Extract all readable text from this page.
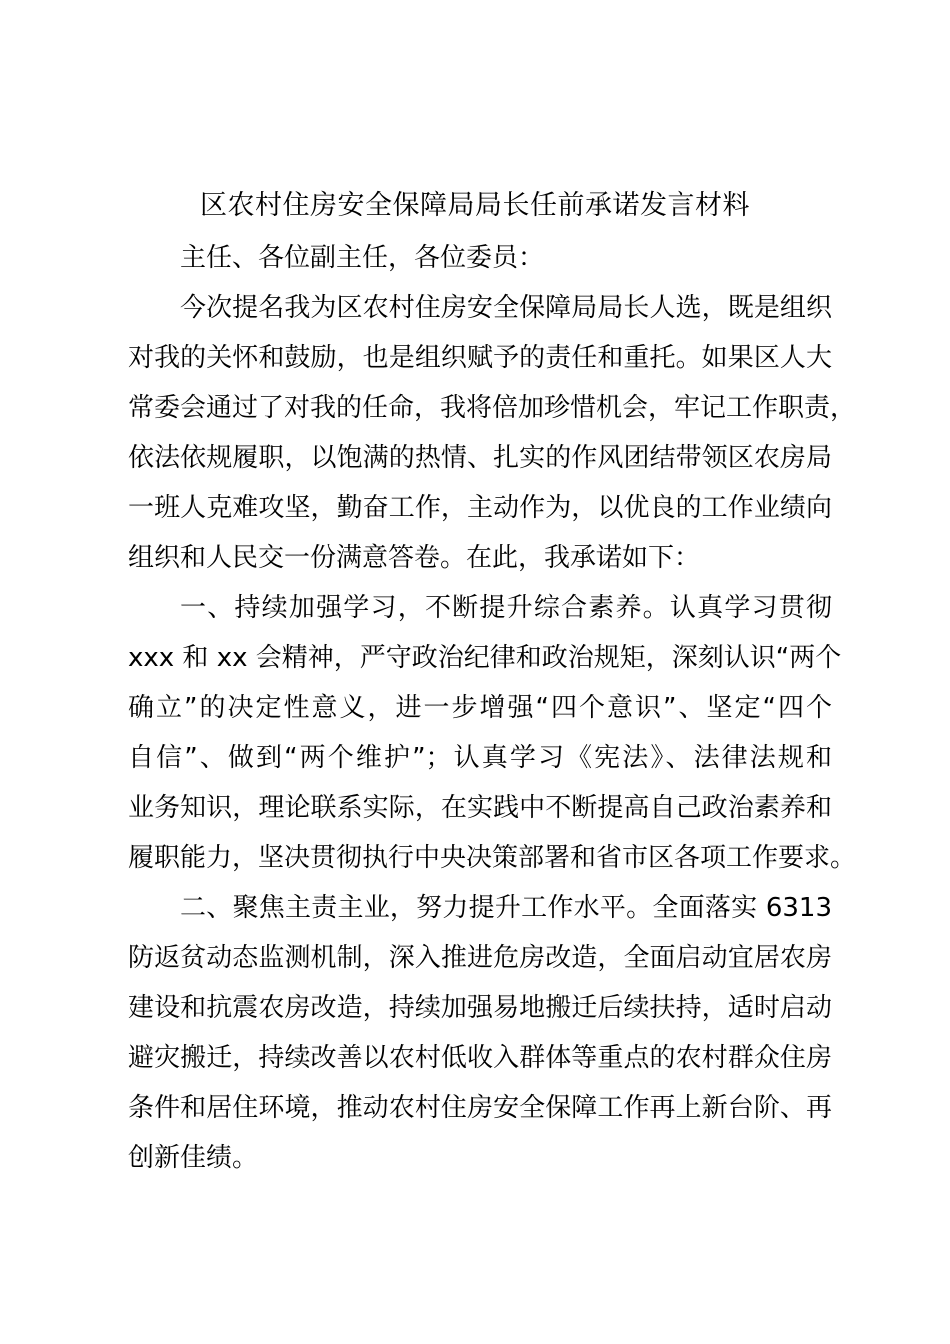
区农村住房安全保障局局长任前承诺发言材料
主任、各位副主任，各位委员：
今次提名我为区农村住房安全保障局局长人选，既是组织
对我的关怀和鼓励，也是组织赋予的责任和重托。如果区人大
常委会通过了对我的任命，我将倍加珍惜机会，牢记工作职责，
依法依规履职，以饱满的热情、扎实的作风团结带领区农房局
一班人克难攻坚，勤奋工作，主动作为，以优良的工作业绩向
组织和人民交一份满意答卷。在此，我承诺如下：
一、持续加强学习，不断提升综合素养。认真学习贯彻
xxx 和 xx 会精神，严守政治纪律和政治规矩，深刻认识“两个
确立”的决定性意义，进一步增强“四个意识”、坚定“四个
自信”、做到“两个维护”；认真学习《宪法》、法律法规和
业务知识，理论联系实际，在实践中不断提高自己政治素养和
履职能力，坚决贯彻执行中央决策部署和省市区各项工作要求。
二、聚焦主责主业，努力提升工作水平。全面落实 6313
防返贫动态监测机制，深入推进危房改造，全面启动宜居农房
建设和抗震农房改造，持续加强易地搬迁后续扶持，适时启动
避灾搬迁，持续改善以农村低收入群体等重点的农村群众住房
条件和居住环境，推动农村住房安全保障工作再上新台阶、再
创新佳绩。
